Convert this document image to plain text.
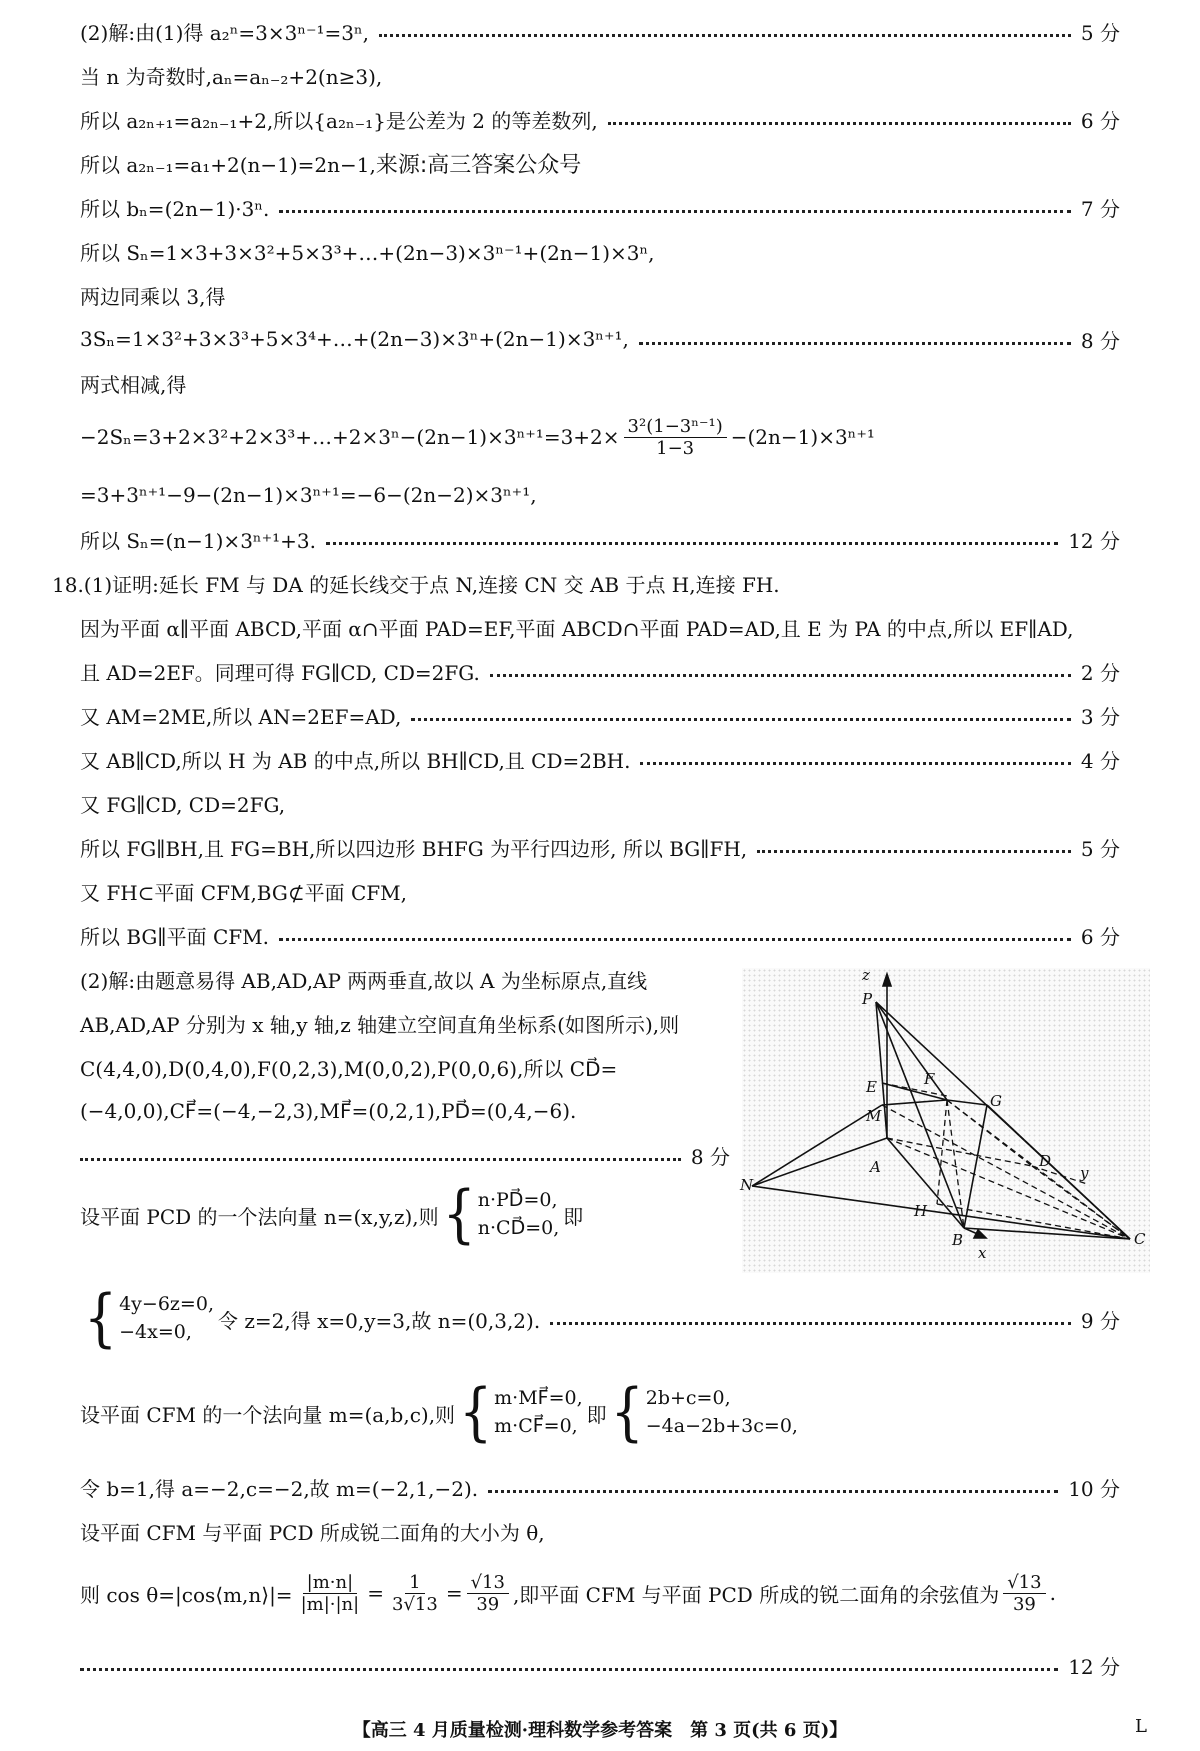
(2)解:由(1)得 a₂ⁿ=3×3ⁿ⁻¹=3ⁿ,	5 分
当 n 为奇数时,aₙ=aₙ₋₂+2(n≥3),
所以 a₂ₙ₊₁=a₂ₙ₋₁+2,所以{a₂ₙ₋₁}是公差为 2 的等差数列,	6 分
所以 a₂ₙ₋₁=a₁+2(n−1)=2n−1, 来源:高三答案公众号
所以 bₙ=(2n−1)·3ⁿ.	7 分
所以 Sₙ=1×3+3×3²+5×3³+…+(2n−3)×3ⁿ⁻¹+(2n−1)×3ⁿ,
两边同乘以 3,得
3Sₙ=1×3²+3×3³+5×3⁴+…+(2n−3)×3ⁿ+(2n−1)×3ⁿ⁺¹,	8 分
两式相减,得
−2Sₙ=3+2×3²+2×3³+…+2×3ⁿ−(2n−1)×3ⁿ⁺¹=3+2× $\frac{\text{3²(1−3ⁿ⁻¹)}}{1-3} -(2n-1)\times 3^{n+1}$
=3+3ⁿ⁺¹−9−(2n−1)×3ⁿ⁺¹=−6−(2n−2)×3ⁿ⁺¹,
所以 Sₙ=(n−1)×3ⁿ⁺¹+3.	12 分
18.(1)证明:延长 FM 与 DA 的延长线交于点 N,连接 CN 交 AB 于点 H,连接 FH.
因为平面 α∥平面 ABCD,平面 α∩平面 PAD=EF,平面 ABCD∩平面 PAD=AD,且 E 为 PA 的中点,所以 EF∥AD,
且 AD=2EF。同理可得 FG∥CD, CD=2FG.	2 分
又 AM=2ME,所以 AN=2EF=AD,	3 分
又 AB∥CD,所以 H 为 AB 的中点,所以 BH∥CD,且 CD=2BH.	4 分
又 FG∥CD, CD=2FG,
所以 FG∥BH,且 FG=BH,所以四边形 BHFG 为平行四边形, 所以 BG∥FH,	5 分
又 FH⊂平面 CFM,BG⊄平面 CFM,
所以 BG∥平面 CFM.	6 分
(2)解:由题意易得 AB,AD,AP 两两垂直,故以 A 为坐标原点,直线
AB,AD,AP 分别为 x 轴,y 轴,z 轴建立空间直角坐标系(如图所示),则
C(4,4,0),D(0,4,0),F(0,2,3),M(0,0,2),P(0,0,6),所以 CD⃗=
(−4,0,0),CF⃗=(−4,−2,3),MF⃗=(0,2,1),PD⃗=(0,4,−6).
8 分
设平面 PCD 的一个法向量 n=(x,y,z),则 { n·PD⃗=0,
n·CD⃗=0, 即
{ 4y−6z=0,
−4x=0,	令 z=2,得 x=0,y=3,故 n=(0,3,2).	9 分
设平面 CFM 的一个法向量 m=(a,b,c),则 { m·MF⃗=0,
m·CF⃗=0, 即 { 2b+c=0,
−4a−2b+3c=0,
令 b=1,得 a=−2,c=−2,故 m=(−2,1,−2).	10 分
设平面 CFM 与平面 PCD 所成锐二面角的大小为 θ,
则 cos θ=|cos⟨m,n⟩|= $\frac{|m\cdot n|}{|m|\cdot|n|} = \frac{1}{3√13} = \frac{√13}{39}$ ,即平面 CFM 与平面 PCD 所成的锐二面角的余弦值为 $\frac{√13}{39}$ .
12 分
z
P
E	F
G
M
A	D
y
N
H
B	C
x
【高三 4 月质量检测·理科数学参考答案　第 3 页(共 6 页)】	L
